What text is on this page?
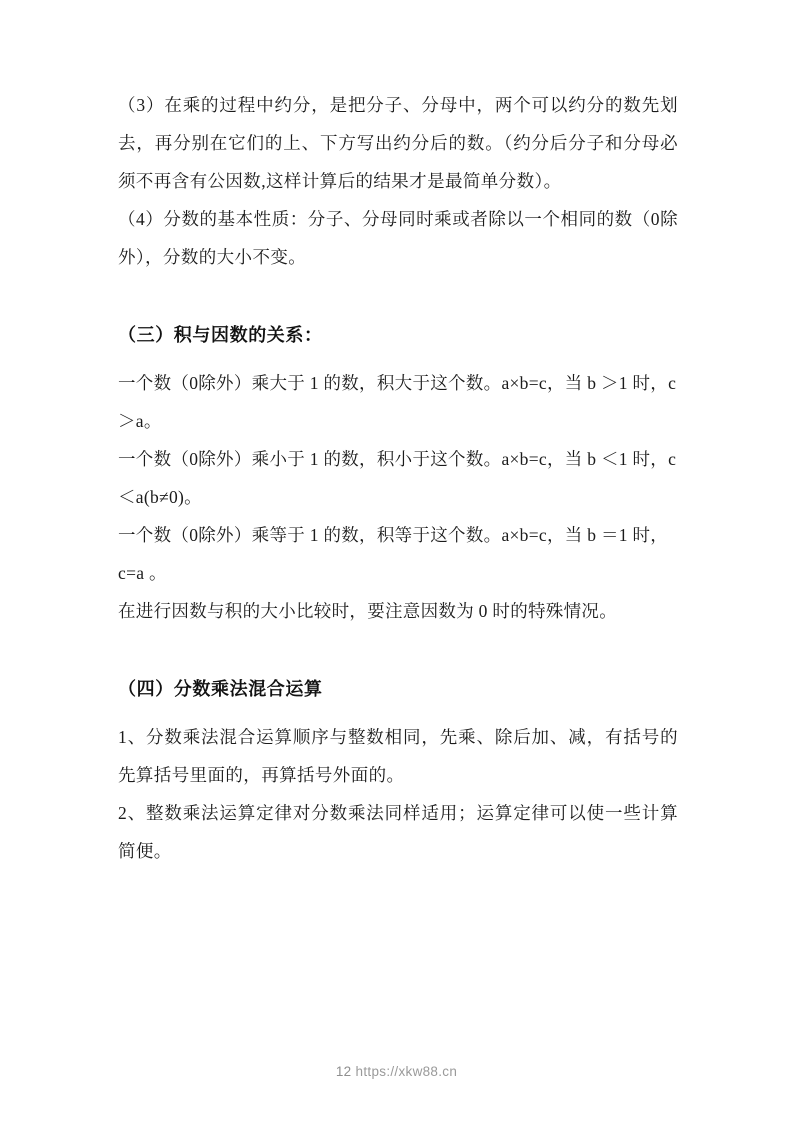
（3）在乘的过程中约分，是把分子、分母中，两个可以约分的数先划去，再分别在它们的上、下方写出约分后的数。（约分后分子和分母必须不再含有公因数,这样计算后的结果才是最简单分数）。

（4）分数的基本性质：分子、分母同时乘或者除以一个相同的数（0除外），分数的大小不变。

（三）积与因数的关系：

一个数（0除外）乘大于 1 的数，积大于这个数。a×b=c，当 b ＞1 时，c＞a。

一个数（0除外）乘小于 1 的数，积小于这个数。a×b=c，当 b ＜1 时，c＜a(b≠0)。

一个数（0除外）乘等于 1 的数，积等于这个数。a×b=c，当 b ＝1 时，c=a 。

在进行因数与积的大小比较时，要注意因数为 0 时的特殊情况。

（四）分数乘法混合运算

1、分数乘法混合运算顺序与整数相同，先乘、除后加、减，有括号的先算括号里面的，再算括号外面的。

2、整数乘法运算定律对分数乘法同样适用；运算定律可以使一些计算简便。

12 https://xkw88.cn
